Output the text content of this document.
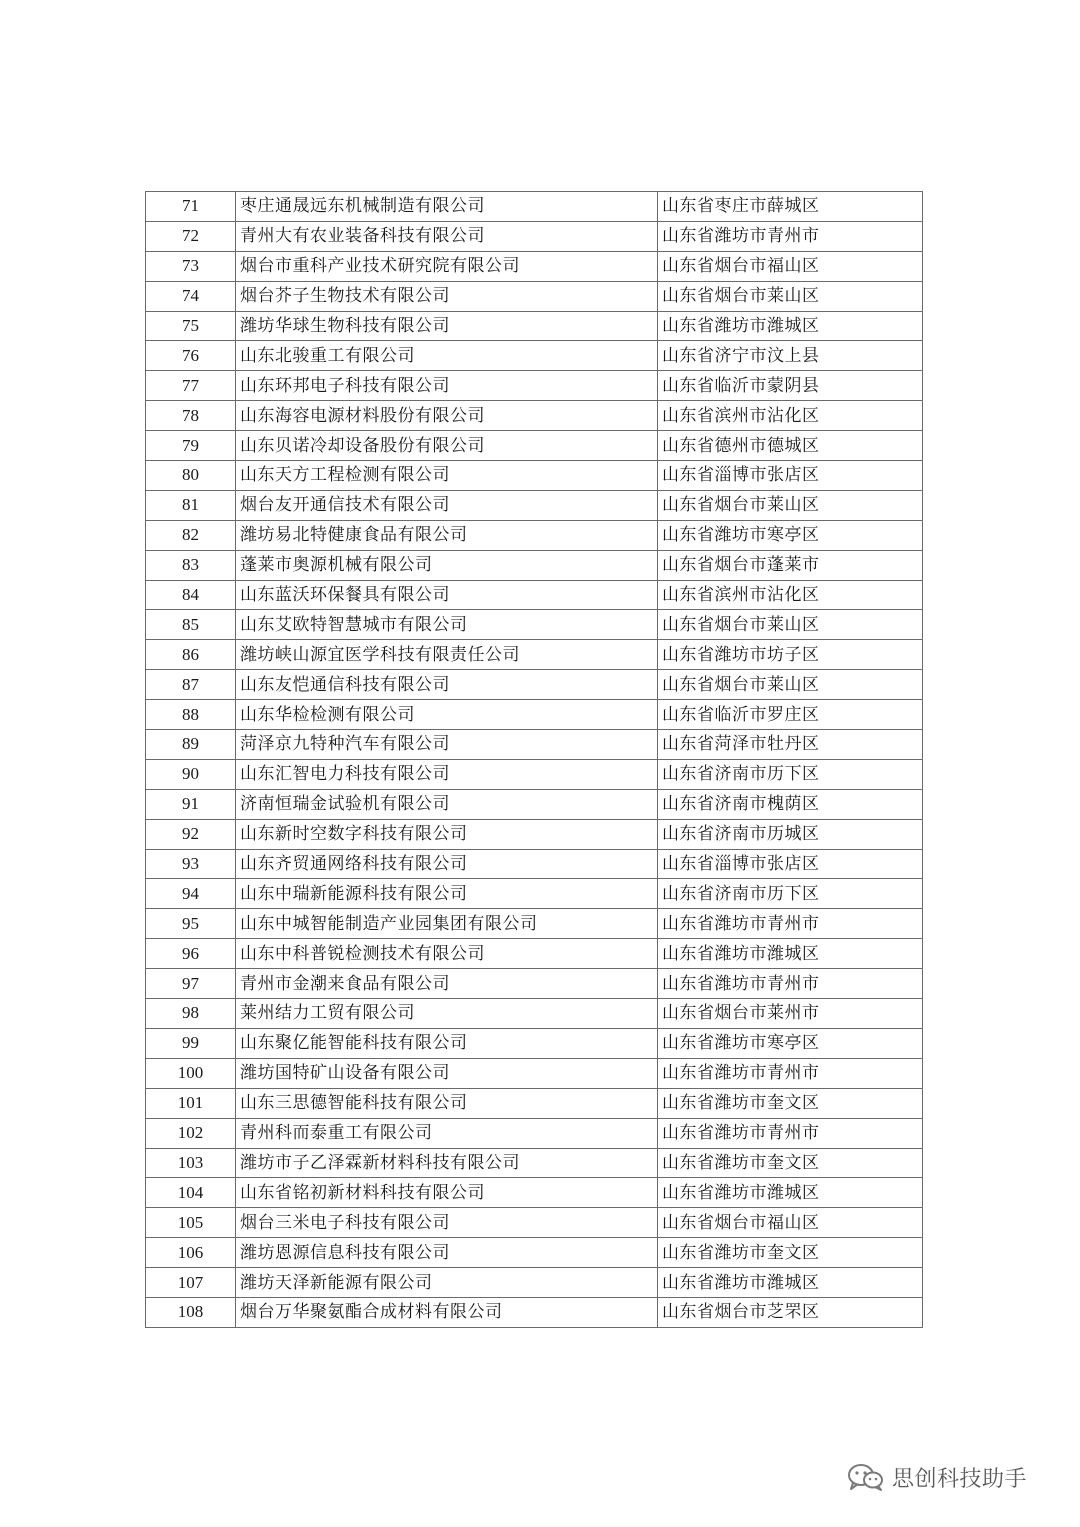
71	枣庄通晟远东机械制造有限公司	山东省枣庄市薛城区
72	青州大有农业装备科技有限公司	山东省潍坊市青州市
73	烟台市重科产业技术研究院有限公司	山东省烟台市福山区
74	烟台芥子生物技术有限公司	山东省烟台市莱山区
75	潍坊华球生物科技有限公司	山东省潍坊市潍城区
76	山东北骏重工有限公司	山东省济宁市汶上县
77	山东环邦电子科技有限公司	山东省临沂市蒙阴县
78	山东海容电源材料股份有限公司	山东省滨州市沾化区
79	山东贝诺冷却设备股份有限公司	山东省德州市德城区
80	山东天方工程检测有限公司	山东省淄博市张店区
81	烟台友开通信技术有限公司	山东省烟台市莱山区
82	潍坊易北特健康食品有限公司	山东省潍坊市寒亭区
83	蓬莱市奥源机械有限公司	山东省烟台市蓬莱市
84	山东蓝沃环保餐具有限公司	山东省滨州市沾化区
85	山东艾欧特智慧城市有限公司	山东省烟台市莱山区
86	潍坊峡山源宜医学科技有限责任公司	山东省潍坊市坊子区
87	山东友恺通信科技有限公司	山东省烟台市莱山区
88	山东华检检测有限公司	山东省临沂市罗庄区
89	菏泽京九特种汽车有限公司	山东省菏泽市牡丹区
90	山东汇智电力科技有限公司	山东省济南市历下区
91	济南恒瑞金试验机有限公司	山东省济南市槐荫区
92	山东新时空数字科技有限公司	山东省济南市历城区
93	山东齐贸通网络科技有限公司	山东省淄博市张店区
94	山东中瑞新能源科技有限公司	山东省济南市历下区
95	山东中城智能制造产业园集团有限公司	山东省潍坊市青州市
96	山东中科普锐检测技术有限公司	山东省潍坊市潍城区
97	青州市金潮来食品有限公司	山东省潍坊市青州市
98	莱州结力工贸有限公司	山东省烟台市莱州市
99	山东聚亿能智能科技有限公司	山东省潍坊市寒亭区
100	潍坊国特矿山设备有限公司	山东省潍坊市青州市
101	山东三思德智能科技有限公司	山东省潍坊市奎文区
102	青州科而泰重工有限公司	山东省潍坊市青州市
103	潍坊市子乙泽霖新材料科技有限公司	山东省潍坊市奎文区
104	山东省铭初新材料科技有限公司	山东省潍坊市潍城区
105	烟台三米电子科技有限公司	山东省烟台市福山区
106	潍坊恩源信息科技有限公司	山东省潍坊市奎文区
107	潍坊天泽新能源有限公司	山东省潍坊市潍城区
108	烟台万华聚氨酯合成材料有限公司	山东省烟台市芝罘区
思创科技助手
